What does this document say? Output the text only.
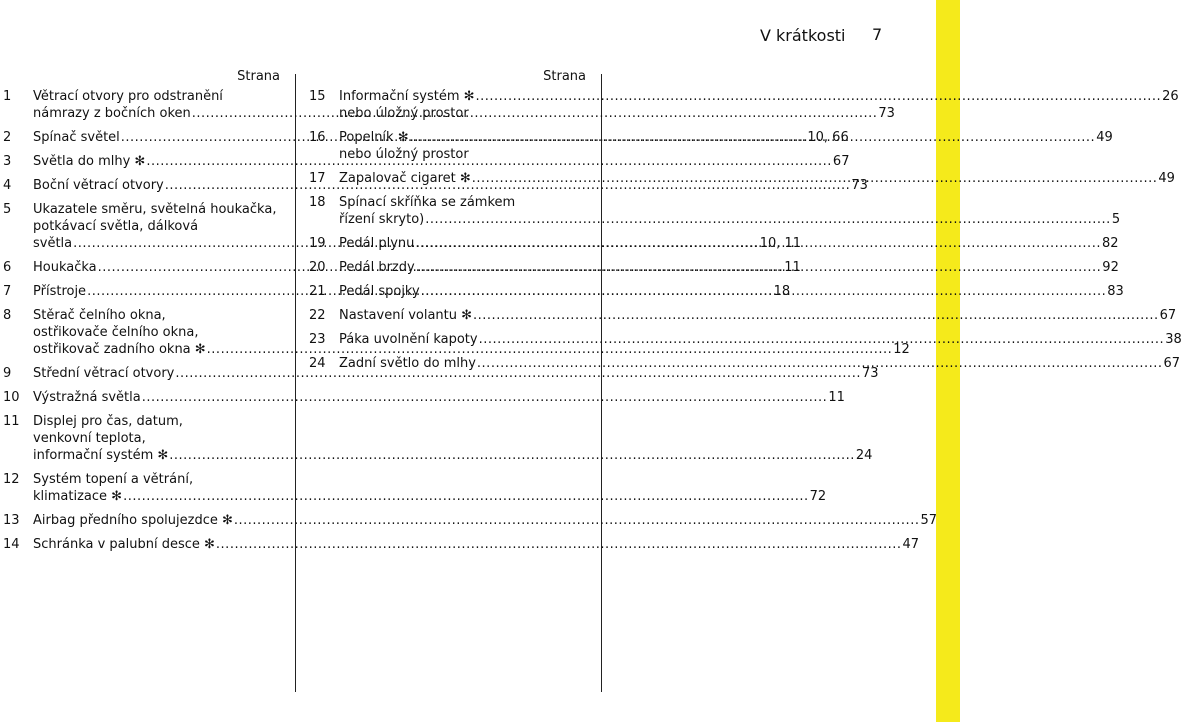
V krátkosti 7
Strana	Strana
1	Větrací otvory pro odstranění
námrazy z bočních oken .....	73
2	Spínač světel .....	10, 66
3	Světla do mlhy ✻ .....	67
4	Boční větrací otvory .....	73
5	Ukazatele směru, světelná houkačka,
potkávací světla, dálková
světla .....	10, 11
6	Houkačka .....	11
7	Přístroje .....	18
8	Stěrač čelního okna,
ostřikovače čelního okna,
ostřikovač zadního okna ✻ .....	12
9	Střední větrací otvory .....	73
10	Výstražná světla .....	11
11	Displej pro čas, datum,
venkovní teplota,
informační systém ✻ .....	24
12	Systém topení a větrání,
klimatizace ✻ .....	72
13	Airbag předního spolujezdce ✻ .....	57
14	Schránka v palubní desce ✻ .....	47
15	Informační systém ✻ .....	26
nebo úložný prostor
16	Popelník ✻ .....	49
nebo úložný prostor
17	Zapalovač cigaret ✻ .....	49
18	Spínací skříňka se zámkem
řízení skryto) .....	5
19	Pedál plynu .....	82
20	Pedál brzdy .....	92
21	Pedál spojky .....	83
22	Nastavení volantu ✻ .....	67
23	Páka uvolnění kapoty .....	38
24	Zadní světlo do mlhy .....	67
